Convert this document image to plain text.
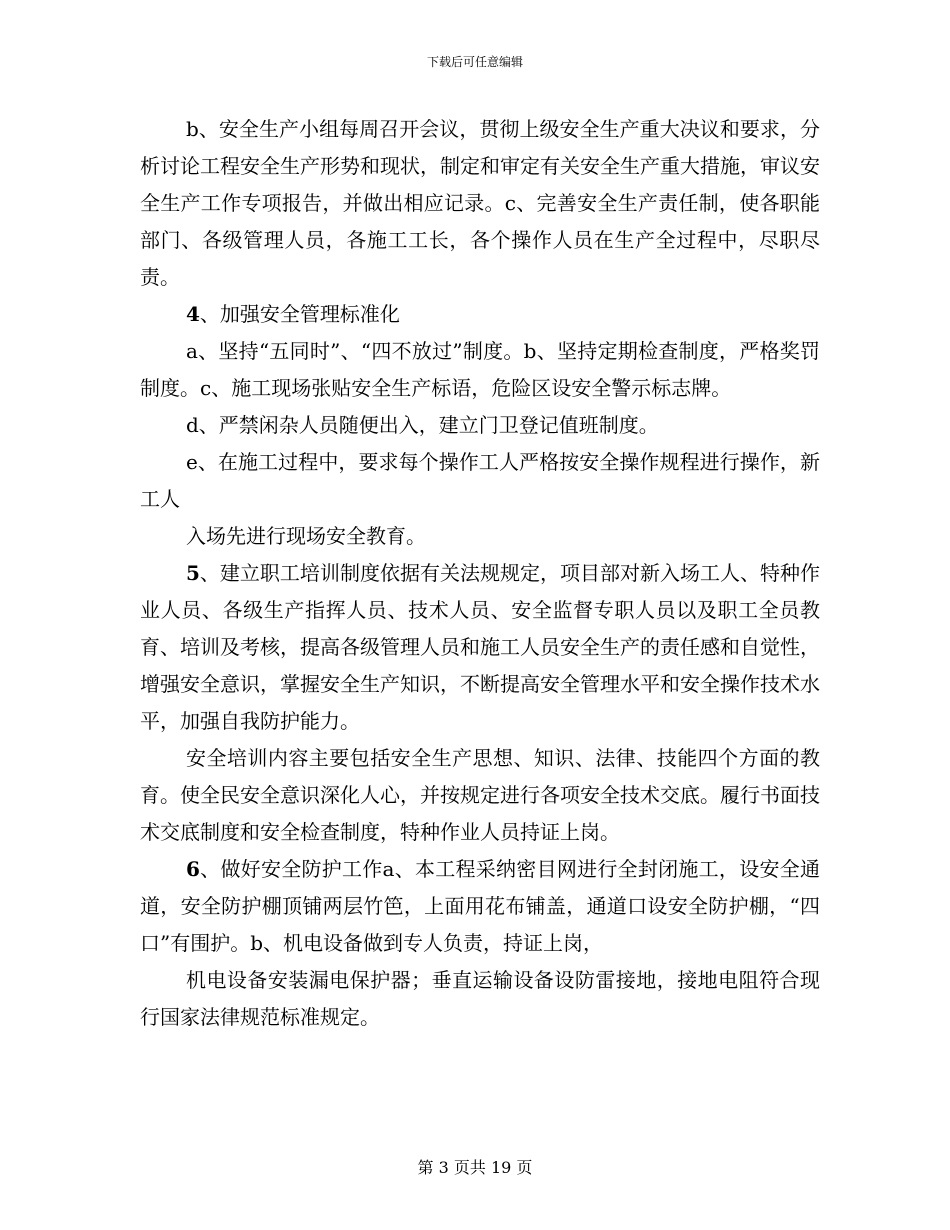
下载后可任意编辑

b、安全生产小组每周召开会议，贯彻上级安全生产重大决议和要求，分析讨论工程安全生产形势和现状，制定和审定有关安全生产重大措施，审议安全生产工作专项报告，并做出相应记录。c、完善安全生产责任制，使各职能部门、各级管理人员，各施工工长，各个操作人员在生产全过程中，尽职尽责。

4、加强安全管理标准化

a、坚持“五同时”、“四不放过”制度。b、坚持定期检查制度，严格奖罚制度。c、施工现场张贴安全生产标语，危险区设安全警示标志牌。

d、严禁闲杂人员随便出入，建立门卫登记值班制度。

e、在施工过程中，要求每个操作工人严格按安全操作规程进行操作，新工人

入场先进行现场安全教育。

5、建立职工培训制度依据有关法规规定，项目部对新入场工人、特种作业人员、各级生产指挥人员、技术人员、安全监督专职人员以及职工全员教育、培训及考核，提高各级管理人员和施工人员安全生产的责任感和自觉性，增强安全意识，掌握安全生产知识，不断提高安全管理水平和安全操作技术水平，加强自我防护能力。

安全培训内容主要包括安全生产思想、知识、法律、技能四个方面的教育。使全民安全意识深化人心，并按规定进行各项安全技术交底。履行书面技术交底制度和安全检查制度，特种作业人员持证上岗。

6、做好安全防护工作a、本工程采纳密目网进行全封闭施工，设安全通道，安全防护棚顶铺两层竹笆，上面用花布铺盖，通道口设安全防护棚，“四口”有围护。b、机电设备做到专人负责，持证上岗，

机电设备安装漏电保护器；垂直运输设备设防雷接地，接地电阻符合现行国家法律规范标准规定。

第 3 页共 19 页
